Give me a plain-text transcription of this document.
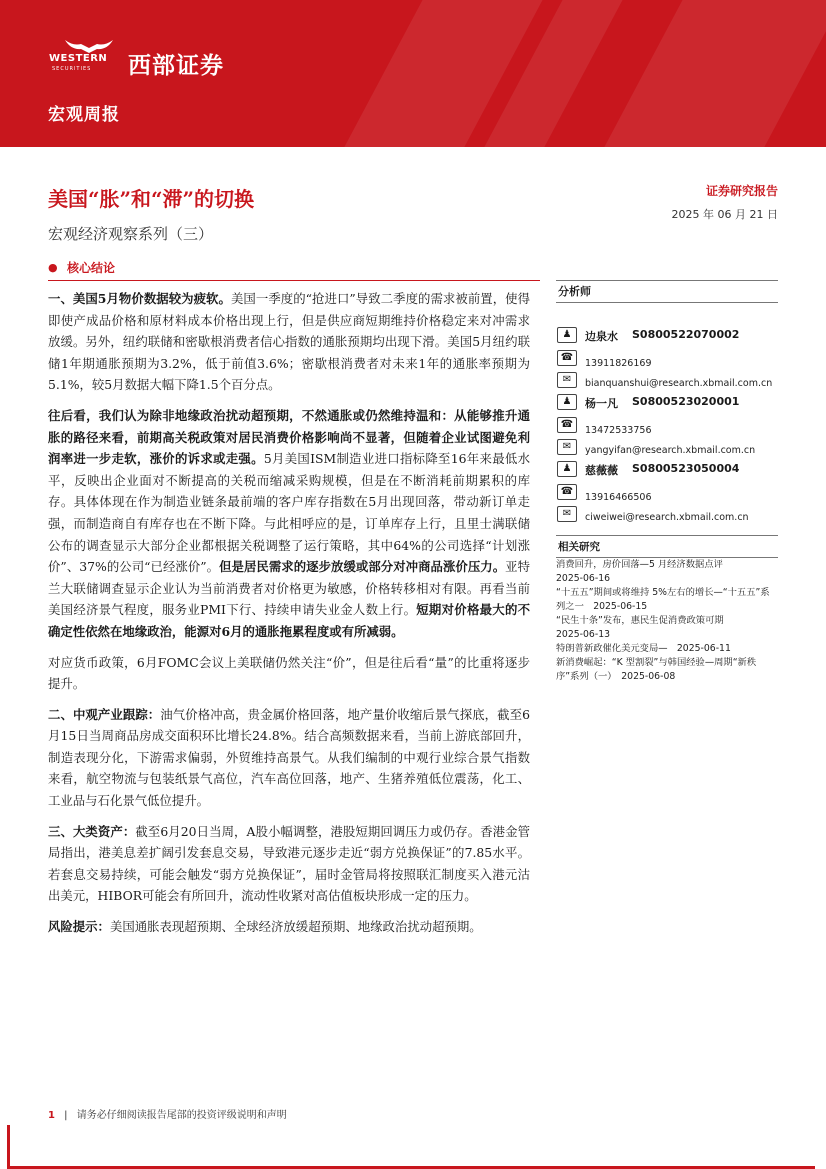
WESTERN
SECURITIES 西部证券
宏观周报
美国“胀”和“滞”的切换
宏观经济观察系列（三）
证券研究报告
2025 年 06 月 21 日
● 核心结论

一、美国5月物价数据较为疲软。美国一季度的“抢进口”导致二季度的需求被前置，使得即使产成品价格和原材料成本价格出现上行，但是供应商短期维持价格稳定来对冲需求放缓。另外，纽约联储和密歇根消费者信心指数的通胀预期均出现下滑。美国5月纽约联储1年期通胀预期为3.2%，低于前值3.6%；密歇根消费者对未来1年的通胀率预期为5.1%，较5月数据大幅下降1.5个百分点。

往后看，我们认为除非地缘政治扰动超预期，不然通胀或仍然维持温和：从能够推升通胀的路径来看，前期高关税政策对居民消费价格影响尚不显著，但随着企业试图避免利润率进一步走软，涨价的诉求或走强。5月美国ISM制造业进口指标降至16年来最低水平，反映出企业面对不断提高的关税而缩减采购规模，但是在不断消耗前期累积的库存。具体体现在作为制造业链条最前端的客户库存指数在5月出现回落，带动新订单走强，而制造商自有库存也在不断下降。与此相呼应的是，订单库存上行，且里士满联储公布的调查显示大部分企业都根据关税调整了运行策略，其中64%的公司选择“计划涨价”、37%的公司“已经涨价”。但是居民需求的逐步放缓或部分对冲商品涨价压力。亚特兰大联储调查显示企业认为当前消费者对价格更为敏感，价格转移相对有限。再看当前美国经济景气程度，服务业PMI下行、持续申请失业金人数上行。短期对价格最大的不确定性依然在地缘政治，能源对6月的通胀拖累程度或有所减弱。

对应货币政策，6月FOMC会议上美联储仍然关注“价”，但是往后看“量”的比重将逐步提升。

二、中观产业跟踪：油气价格冲高，贵金属价格回落，地产量价收缩后景气探底，截至6月15日当周商品房成交面积环比增长24.8%。结合高频数据来看，当前上游底部回升，制造表现分化，下游需求偏弱，外贸维持高景气。从我们编制的中观行业综合景气指数来看，航空物流与包装纸景气高位，汽车高位回落，地产、生猪养殖低位震荡，化工、工业品与石化景气低位提升。

三、大类资产：截至6月20日当周，A股小幅调整，港股短期回调压力或仍存。香港金管局指出，港美息差扩阔引发套息交易，导致港元逐步走近“弱方兑换保证”的7.85水平。若套息交易持续，可能会触发“弱方兑换保证”，届时金管局将按照联汇制度买入港元沽出美元，HIBOR可能会有所回升，流动性收紧对高估值板块形成一定的压力。

风险提示：美国通胀表现超预期、全球经济放缓超预期、地缘政治扰动超预期。

分析师
♟	边泉水 S0800522070002
☎
13911826169
✉	bianquanshui@research.xbmail.com.cn
♟	杨一凡 S0800523020001
☎
13472533756
✉	yangyifan@research.xbmail.com.cn
♟	慈薇薇 S0800523050004
☎
13916466506
✉	ciweiwei@research.xbmail.com.cn
相关研究
消费回升，房价回落—5 月经济数据点评
2025-06-16
“十五五”期间或将维持 5%左右的增长—“十五五”系列之一　2025-06-15
“民生十条”发布，惠民生促消费政策可期
2025-06-13
特朗普新政催化美元变局—　2025-06-11
新消费崛起：“K 型割裂”与韩国经验—周期“新秩序”系列（一）　2025-06-08
1 | 请务必仔细阅读报告尾部的投资评级说明和声明
